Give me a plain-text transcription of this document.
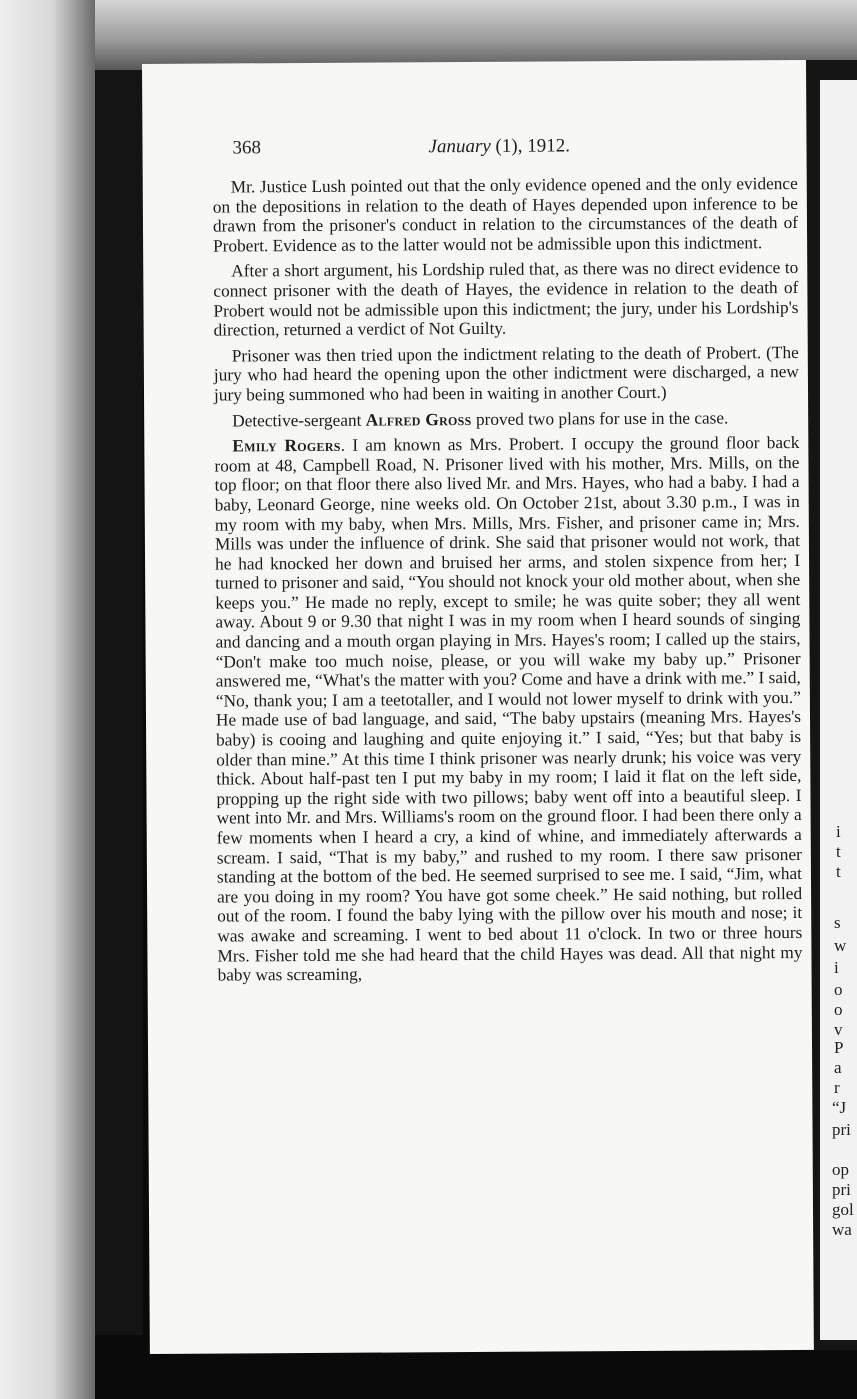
i
t
t
s
w
i
o
o
v
P
a
r
“J
pri
op
pri
gol
wa
368	January (1), 1912.

Mr. Justice Lush pointed out that the only evidence opened and the only evidence on the depositions in relation to the death of Hayes depended upon inference to be drawn from the prisoner's conduct in relation to the circumstances of the death of Probert. Evidence as to the latter would not be admissible upon this indictment.

After a short argument, his Lordship ruled that, as there was no direct evidence to connect prisoner with the death of Hayes, the evidence in relation to the death of Probert would not be admissible upon this indictment; the jury, under his Lordship's direction, returned a verdict of Not Guilty.

Prisoner was then tried upon the indictment relating to the death of Probert. (The jury who had heard the opening upon the other indictment were discharged, a new jury being summoned who had been in waiting in another Court.)

Detective-sergeant Alfred Gross proved two plans for use in the case.

Emily Rogers. I am known as Mrs. Probert. I occupy the ground floor back room at 48, Campbell Road, N. Prisoner lived with his mother, Mrs. Mills, on the top floor; on that floor there also lived Mr. and Mrs. Hayes, who had a baby. I had a baby, Leonard George, nine weeks old. On October 21st, about 3.30 p.m., I was in my room with my baby, when Mrs. Mills, Mrs. Fisher, and prisoner came in; Mrs. Mills was under the influence of drink. She said that prisoner would not work, that he had knocked her down and bruised her arms, and stolen sixpence from her; I turned to prisoner and said, “You should not knock your old mother about, when she keeps you.” He made no reply, except to smile; he was quite sober; they all went away. About 9 or 9.30 that night I was in my room when I heard sounds of singing and dancing and a mouth organ playing in Mrs. Hayes's room; I called up the stairs, “Don't make too much noise, please, or you will wake my baby up.” Prisoner answered me, “What's the matter with you? Come and have a drink with me.” I said, “No, thank you; I am a teetotaller, and I would not lower myself to drink with you.” He made use of bad language, and said, “The baby upstairs (meaning Mrs. Hayes's baby) is cooing and laughing and quite enjoying it.” I said, “Yes; but that baby is older than mine.” At this time I think prisoner was nearly drunk; his voice was very thick. About half-past ten I put my baby in my room; I laid it flat on the left side, propping up the right side with two pillows; baby went off into a beautiful sleep. I went into Mr. and Mrs. Williams's room on the ground floor. I had been there only a few moments when I heard a cry, a kind of whine, and immediately afterwards a scream. I said, “That is my baby,” and rushed to my room. I there saw prisoner standing at the bottom of the bed. He seemed surprised to see me. I said, “Jim, what are you doing in my room? You have got some cheek.” He said nothing, but rolled out of the room. I found the baby lying with the pillow over his mouth and nose; it was awake and screaming. I went to bed about 11 o'clock. In two or three hours Mrs. Fisher told me she had heard that the child Hayes was dead. All that night my baby was screaming,
